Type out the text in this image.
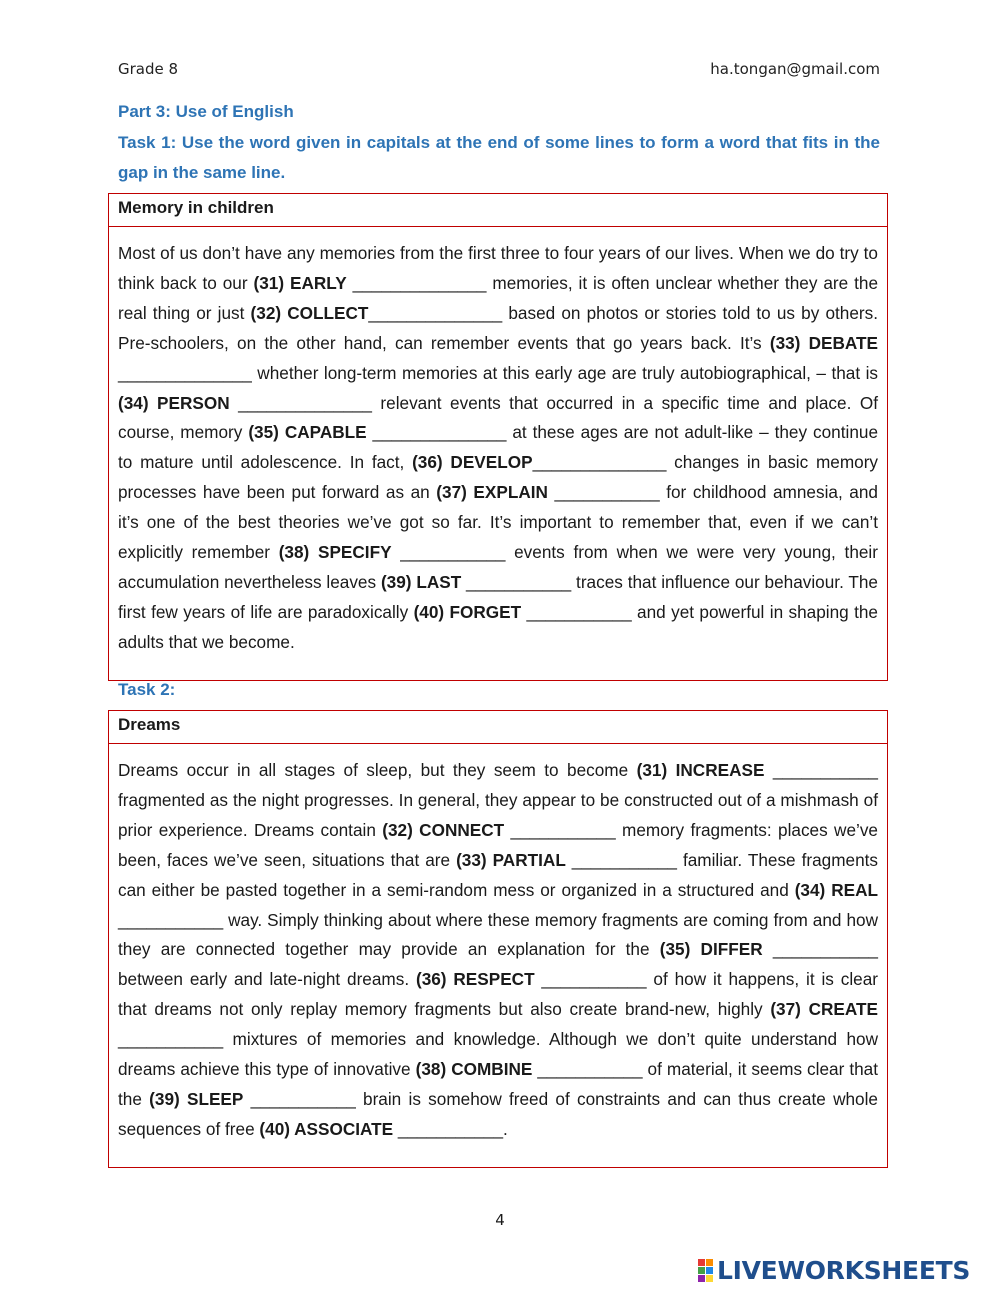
Grade 8	ha.tongan@gmail.com
Part 3: Use of English
Task 1: Use the word given in capitals at the end of some lines to form a word that fits in the gap in the same line.
Memory in children
Most of us don’t have any memories from the first three to four years of our lives. When we do try to think back to our (31) EARLY ______________ memories, it is often unclear whether they are the real thing or just (32) COLLECT______________ based on photos or stories told to us by others. Pre-schoolers, on the other hand, can remember events that go years back. It’s (33) DEBATE ______________ whether long-term memories at this early age are truly autobiographical, – that is (34) PERSON ______________ relevant events that occurred in a specific time and place. Of course, memory (35) CAPABLE ______________ at these ages are not adult-like – they continue to mature until adolescence. In fact, (36) DEVELOP______________ changes in basic memory processes have been put forward as an (37) EXPLAIN ___________ for childhood amnesia, and it’s one of the best theories we’ve got so far. It’s important to remember that, even if we can’t explicitly remember (38) SPECIFY ___________ events from when we were very young, their accumulation nevertheless leaves (39) LAST ___________ traces that influence our behaviour. The first few years of life are paradoxically (40) FORGET ___________ and yet powerful in shaping the adults that we become.
Task 2:
Dreams
Dreams occur in all stages of sleep, but they seem to become (31) INCREASE ___________ fragmented as the night progresses. In general, they appear to be constructed out of a mishmash of prior experience. Dreams contain (32) CONNECT ___________ memory fragments: places we’ve been, faces we’ve seen, situations that are (33) PARTIAL ___________ familiar. These fragments can either be pasted together in a semi-random mess or organized in a structured and (34) REAL ___________ way. Simply thinking about where these memory fragments are coming from and how they are connected together may provide an explanation for the (35) DIFFER ___________ between early and late-night dreams. (36) RESPECT ___________ of how it happens, it is clear that dreams not only replay memory fragments but also create brand-new, highly (37) CREATE ___________ mixtures of memories and knowledge. Although we don’t quite understand how dreams achieve this type of innovative (38) COMBINE ___________ of material, it seems clear that the (39) SLEEP ___________ brain is somehow freed of constraints and can thus create whole sequences of free (40) ASSOCIATE ___________.
4
LIVEWORKSHEETS
